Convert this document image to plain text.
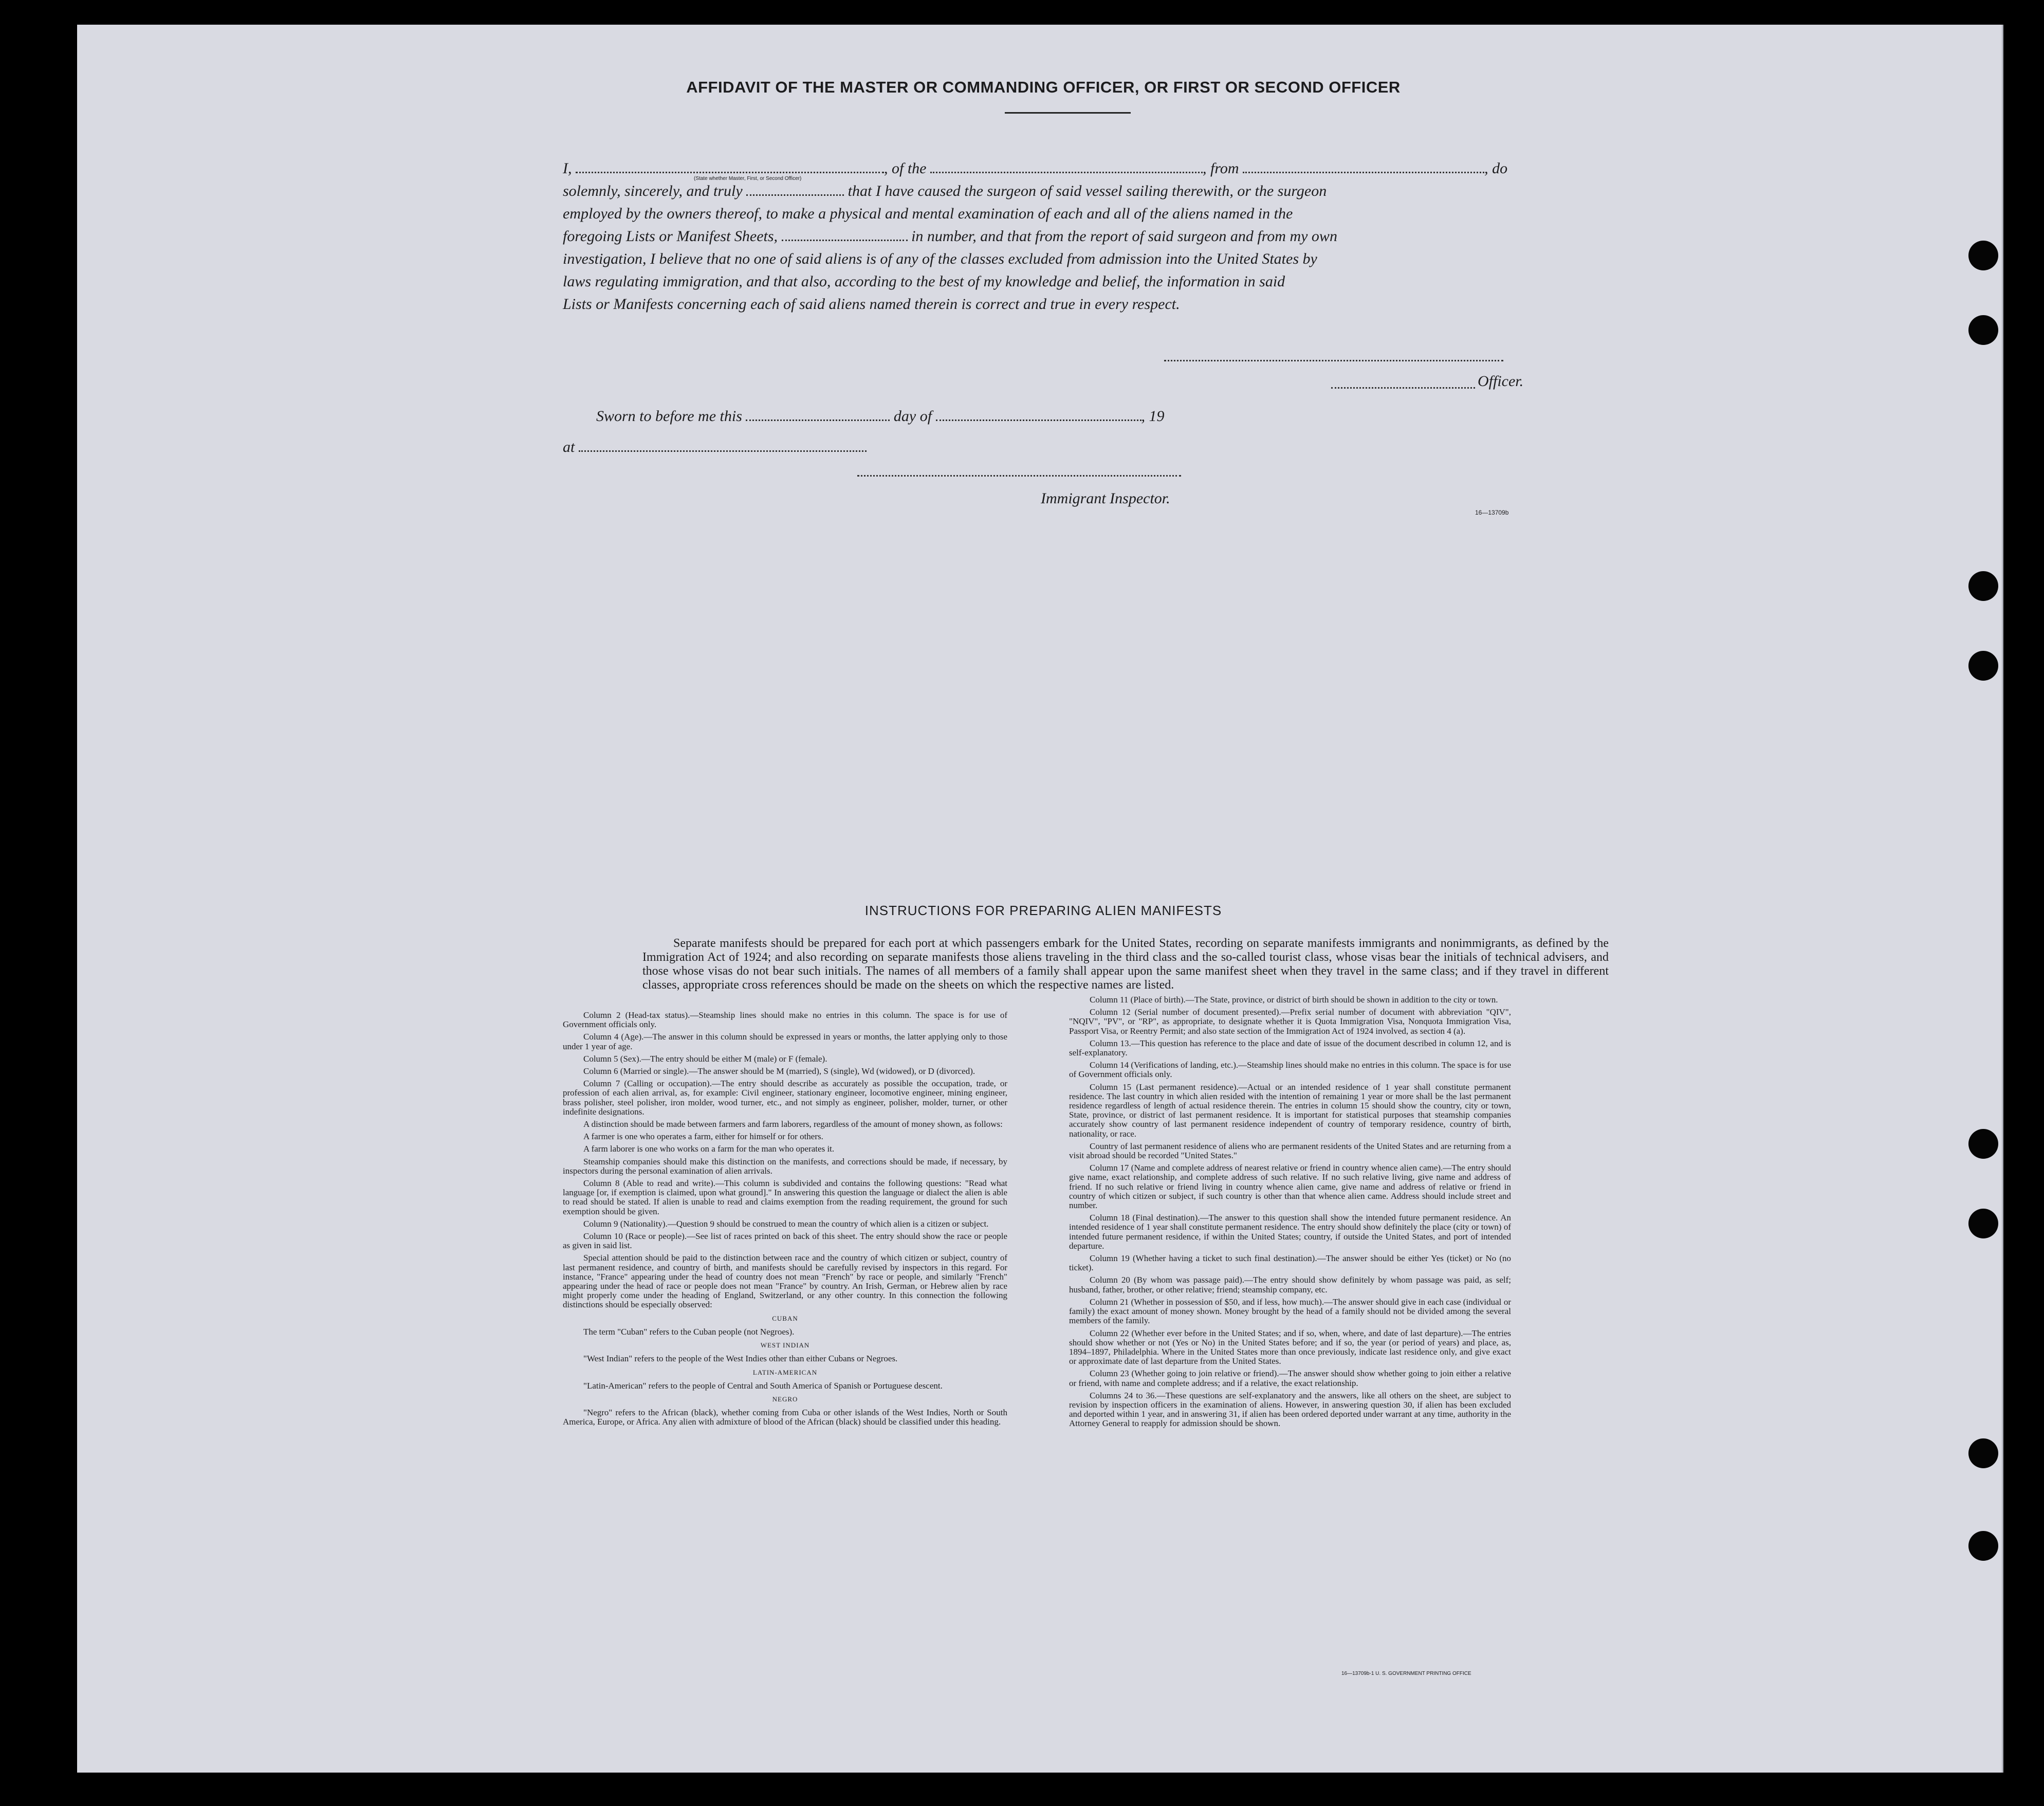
AFFIDAVIT OF THE MASTER OR COMMANDING OFFICER, OR FIRST OR SECOND OFFICER
I,	, of the	, from	, do
(State whether Master, First, or Second Officer)
solemnly, sincerely, and truly	that I have caused the surgeon of said vessel sailing therewith, or the surgeon
employed by the owners thereof, to make a physical and mental examination of each and all of the aliens named in the
foregoing Lists or Manifest Sheets,	in number, and that from the report of said surgeon and from my own
investigation, I believe that no one of said aliens is of any of the classes excluded from admission into the United States by
laws regulating immigration, and that also, according to the best of my knowledge and belief, the information in said
Lists or Manifests concerning each of said aliens named therein is correct and true in every respect.
Officer.
Sworn to before me this	day of	, 19
at
Immigrant Inspector.
16—13709b
INSTRUCTIONS FOR PREPARING ALIEN MANIFESTS
Separate manifests should be prepared for each port at which passengers embark for the United States, recording on separate manifests immigrants and nonimmigrants, as defined by the Immigration Act of 1924; and also recording on separate manifests those aliens traveling in the third class and the so-called tourist class, whose visas bear the initials of technical advisers, and those whose visas do not bear such initials. The names of all members of a family shall appear upon the same manifest sheet when they travel in the same class; and if they travel in different classes, appropriate cross references should be made on the sheets on which the respective names are listed.

Column 2 (Head-tax status).—Steamship lines should make no entries in this column. The space is for use of Government officials only.

Column 4 (Age).—The answer in this column should be expressed in years or months, the latter applying only to those under 1 year of age.

Column 5 (Sex).—The entry should be either M (male) or F (female).

Column 6 (Married or single).—The answer should be M (married), S (single), Wd (widowed), or D (divorced).

Column 7 (Calling or occupation).—The entry should describe as accurately as possible the occupation, trade, or profession of each alien arrival, as, for example: Civil engineer, stationary engineer, locomotive engineer, mining engineer, brass polisher, steel polisher, iron molder, wood turner, etc., and not simply as engineer, polisher, molder, turner, or other indefinite designations.

A distinction should be made between farmers and farm laborers, regardless of the amount of money shown, as follows:

A farmer is one who operates a farm, either for himself or for others.

A farm laborer is one who works on a farm for the man who operates it.

Steamship companies should make this distinction on the manifests, and corrections should be made, if necessary, by inspectors during the personal examination of alien arrivals.

Column 8 (Able to read and write).—This column is subdivided and contains the following questions: "Read what language [or, if exemption is claimed, upon what ground]." In answering this question the language or dialect the alien is able to read should be stated. If alien is unable to read and claims exemption from the reading requirement, the ground for such exemption should be given.

Column 9 (Nationality).—Question 9 should be construed to mean the country of which alien is a citizen or subject.

Column 10 (Race or people).—See list of races printed on back of this sheet. The entry should show the race or people as given in said list.

Special attention should be paid to the distinction between race and the country of which citizen or subject, country of last permanent residence, and country of birth, and manifests should be carefully revised by inspectors in this regard. For instance, "France" appearing under the head of country does not mean "French" by race or people, and similarly "French" appearing under the head of race or people does not mean "France" by country. An Irish, German, or Hebrew alien by race might properly come under the heading of England, Switzerland, or any other country. In this connection the following distinctions should be especially observed:

CUBAN

The term "Cuban" refers to the Cuban people (not Negroes).

WEST INDIAN

"West Indian" refers to the people of the West Indies other than either Cubans or Negroes.

LATIN-AMERICAN

"Latin-American" refers to the people of Central and South America of Spanish or Portuguese descent.

NEGRO

"Negro" refers to the African (black), whether coming from Cuba or other islands of the West Indies, North or South America, Europe, or Africa. Any alien with admixture of blood of the African (black) should be classified under this heading.

Column 11 (Place of birth).—The State, province, or district of birth should be shown in addition to the city or town.

Column 12 (Serial number of document presented).—Prefix serial number of document with abbreviation "QIV", "NQIV", "PV", or "RP", as appropriate, to designate whether it is Quota Immigration Visa, Nonquota Immigration Visa, Passport Visa, or Reentry Permit; and also state section of the Immigration Act of 1924 involved, as section 4 (a).

Column 13.—This question has reference to the place and date of issue of the document described in column 12, and is self-explanatory.

Column 14 (Verifications of landing, etc.).—Steamship lines should make no entries in this column. The space is for use of Government officials only.

Column 15 (Last permanent residence).—Actual or an intended residence of 1 year shall constitute permanent residence. The last country in which alien resided with the intention of remaining 1 year or more shall be the last permanent residence regardless of length of actual residence therein. The entries in column 15 should show the country, city or town, State, province, or district of last permanent residence. It is important for statistical purposes that steamship companies accurately show country of last permanent residence independent of country of temporary residence, country of birth, nationality, or race.

Country of last permanent residence of aliens who are permanent residents of the United States and are returning from a visit abroad should be recorded "United States."

Column 17 (Name and complete address of nearest relative or friend in country whence alien came).—The entry should give name, exact relationship, and complete address of such relative. If no such relative living, give name and address of friend. If no such relative or friend living in country whence alien came, give name and address of relative or friend in country of which citizen or subject, if such country is other than that whence alien came. Address should include street and number.

Column 18 (Final destination).—The answer to this question shall show the intended future permanent residence. An intended residence of 1 year shall constitute permanent residence. The entry should show definitely the place (city or town) of intended future permanent residence, if within the United States; country, if outside the United States, and port of intended departure.

Column 19 (Whether having a ticket to such final destination).—The answer should be either Yes (ticket) or No (no ticket).

Column 20 (By whom was passage paid).—The entry should show definitely by whom passage was paid, as self; husband, father, brother, or other relative; friend; steamship company, etc.

Column 21 (Whether in possession of $50, and if less, how much).—The answer should give in each case (individual or family) the exact amount of money shown. Money brought by the head of a family should not be divided among the several members of the family.

Column 22 (Whether ever before in the United States; and if so, when, where, and date of last departure).—The entries should show whether or not (Yes or No) in the United States before; and if so, the year (or period of years) and place, as, 1894–1897, Philadelphia. Where in the United States more than once previously, indicate last residence only, and give exact or approximate date of last departure from the United States.

Column 23 (Whether going to join relative or friend).—The answer should show whether going to join either a relative or friend, with name and complete address; and if a relative, the exact relationship.

Columns 24 to 36.—These questions are self-explanatory and the answers, like all others on the sheet, are subject to revision by inspection officers in the examination of aliens. However, in answering question 30, if alien has been excluded and deported within 1 year, and in answering 31, if alien has been ordered deported under warrant at any time, authority in the Attorney General to reapply for admission should be shown.

16—13709b-1 U. S. GOVERNMENT PRINTING OFFICE
